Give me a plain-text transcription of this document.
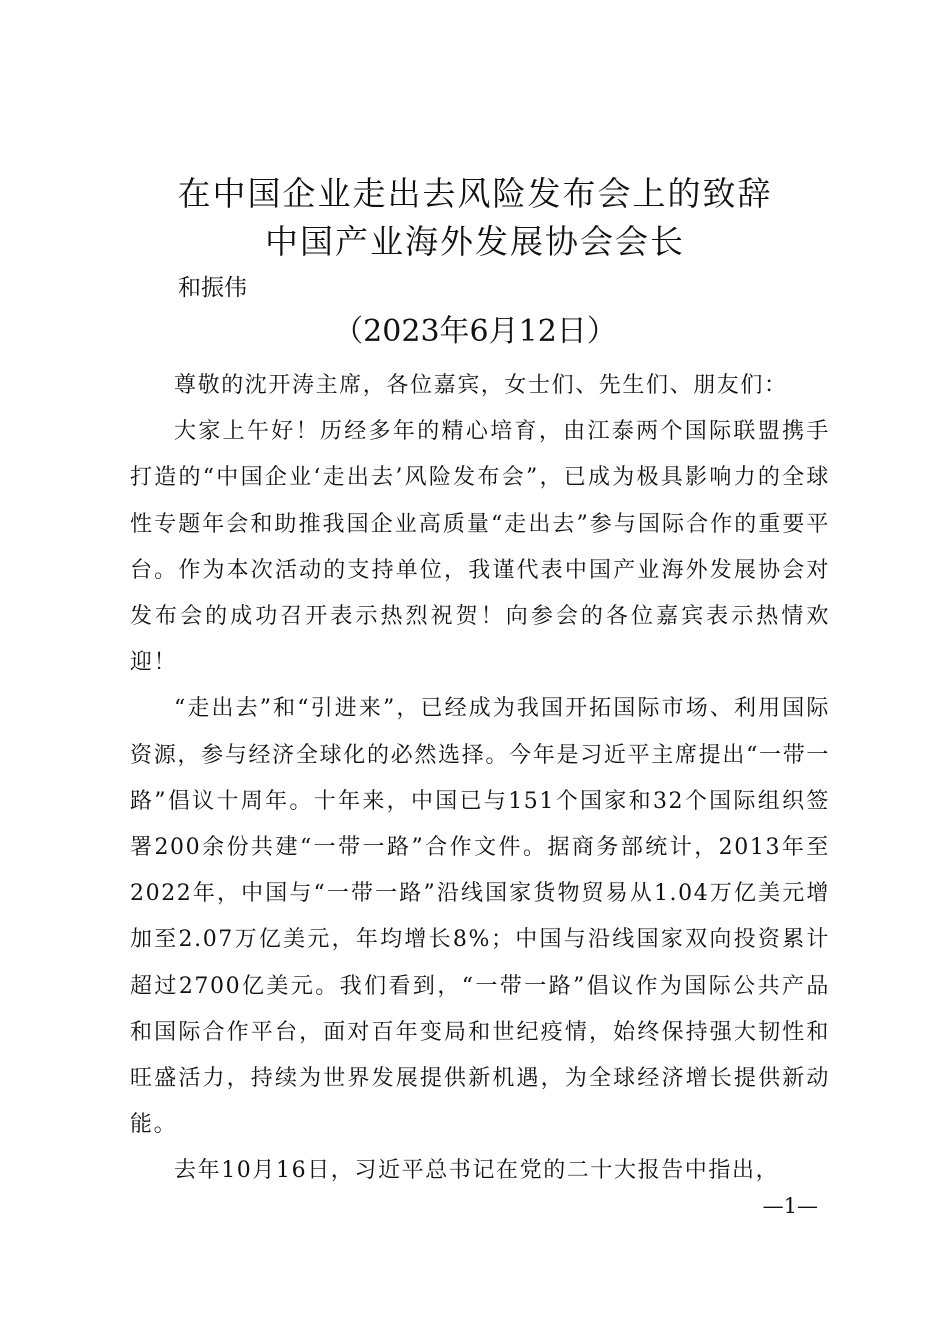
在中国企业走出去风险发布会上的致辞
中国产业海外发展协会会长
和振伟
（2023年6月12日）

尊敬的沈开涛主席，各位嘉宾，女士们、先生们、朋友们：

大家上午好！历经多年的精心培育，由江泰两个国际联盟携手打造的“中国企业‘走出去’风险发布会”，已成为极具影响力的全球性专题年会和助推我国企业高质量“走出去”参与国际合作的重要平台。作为本次活动的支持单位，我谨代表中国产业海外发展协会对发布会的成功召开表示热烈祝贺！向参会的各位嘉宾表示热情欢迎！

“走出去”和“引进来”，已经成为我国开拓国际市场、利用国际资源，参与经济全球化的必然选择。今年是习近平主席提出“一带一路”倡议十周年。十年来，中国已与151个国家和32个国际组织签署200余份共建“一带一路”合作文件。据商务部统计，2013年至2022年，中国与“一带一路”沿线国家货物贸易从1.04万亿美元增加至2.07万亿美元，年均增长8%；中国与沿线国家双向投资累计超过2700亿美元。我们看到，“一带一路”倡议作为国际公共产品和国际合作平台，面对百年变局和世纪疫情，始终保持强大韧性和旺盛活力，持续为世界发展提供新机遇，为全球经济增长提供新动能。

去年10月16日，习近平总书记在党的二十大报告中指出，

—1—
